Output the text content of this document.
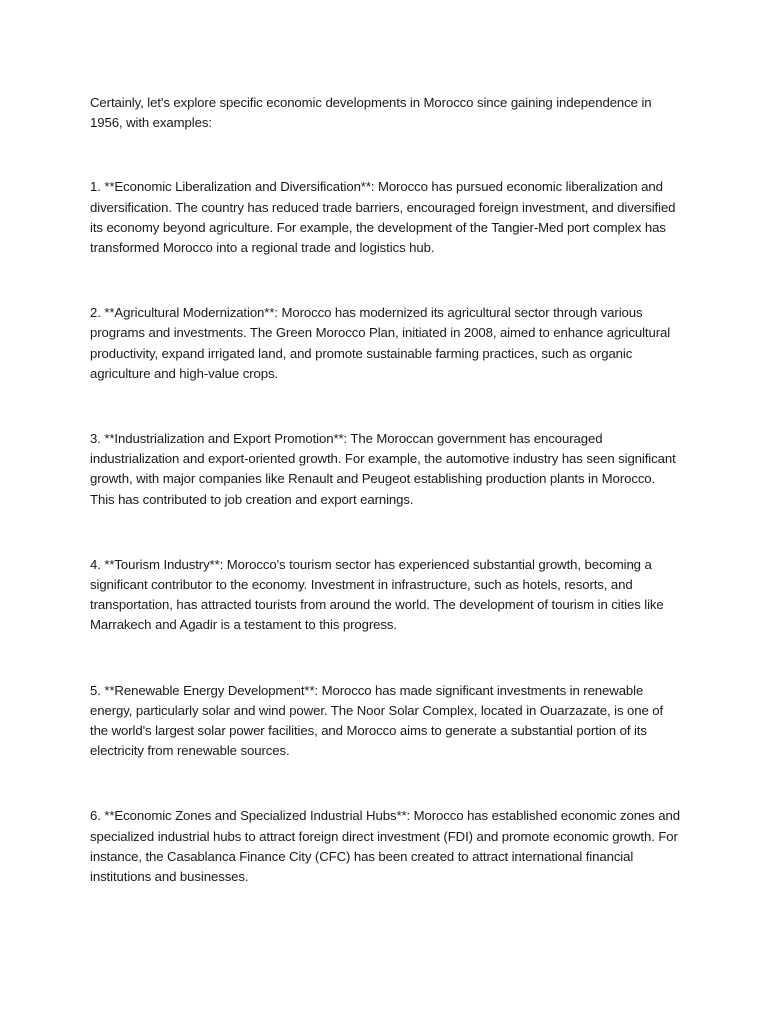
Certainly, let's explore specific economic developments in Morocco since gaining independence in 1956, with examples:

1. **Economic Liberalization and Diversification**: Morocco has pursued economic liberalization and diversification. The country has reduced trade barriers, encouraged foreign investment, and diversified its economy beyond agriculture. For example, the development of the Tangier-Med port complex has transformed Morocco into a regional trade and logistics hub.

2. **Agricultural Modernization**: Morocco has modernized its agricultural sector through various programs and investments. The Green Morocco Plan, initiated in 2008, aimed to enhance agricultural productivity, expand irrigated land, and promote sustainable farming practices, such as organic agriculture and high-value crops.

3. **Industrialization and Export Promotion**: The Moroccan government has encouraged industrialization and export-oriented growth. For example, the automotive industry has seen significant growth, with major companies like Renault and Peugeot establishing production plants in Morocco. This has contributed to job creation and export earnings.

4. **Tourism Industry**: Morocco's tourism sector has experienced substantial growth, becoming a significant contributor to the economy. Investment in infrastructure, such as hotels, resorts, and transportation, has attracted tourists from around the world. The development of tourism in cities like Marrakech and Agadir is a testament to this progress.

5. **Renewable Energy Development**: Morocco has made significant investments in renewable energy, particularly solar and wind power. The Noor Solar Complex, located in Ouarzazate, is one of the world's largest solar power facilities, and Morocco aims to generate a substantial portion of its electricity from renewable sources.

6. **Economic Zones and Specialized Industrial Hubs**: Morocco has established economic zones and specialized industrial hubs to attract foreign direct investment (FDI) and promote economic growth. For instance, the Casablanca Finance City (CFC) has been created to attract international financial institutions and businesses.
